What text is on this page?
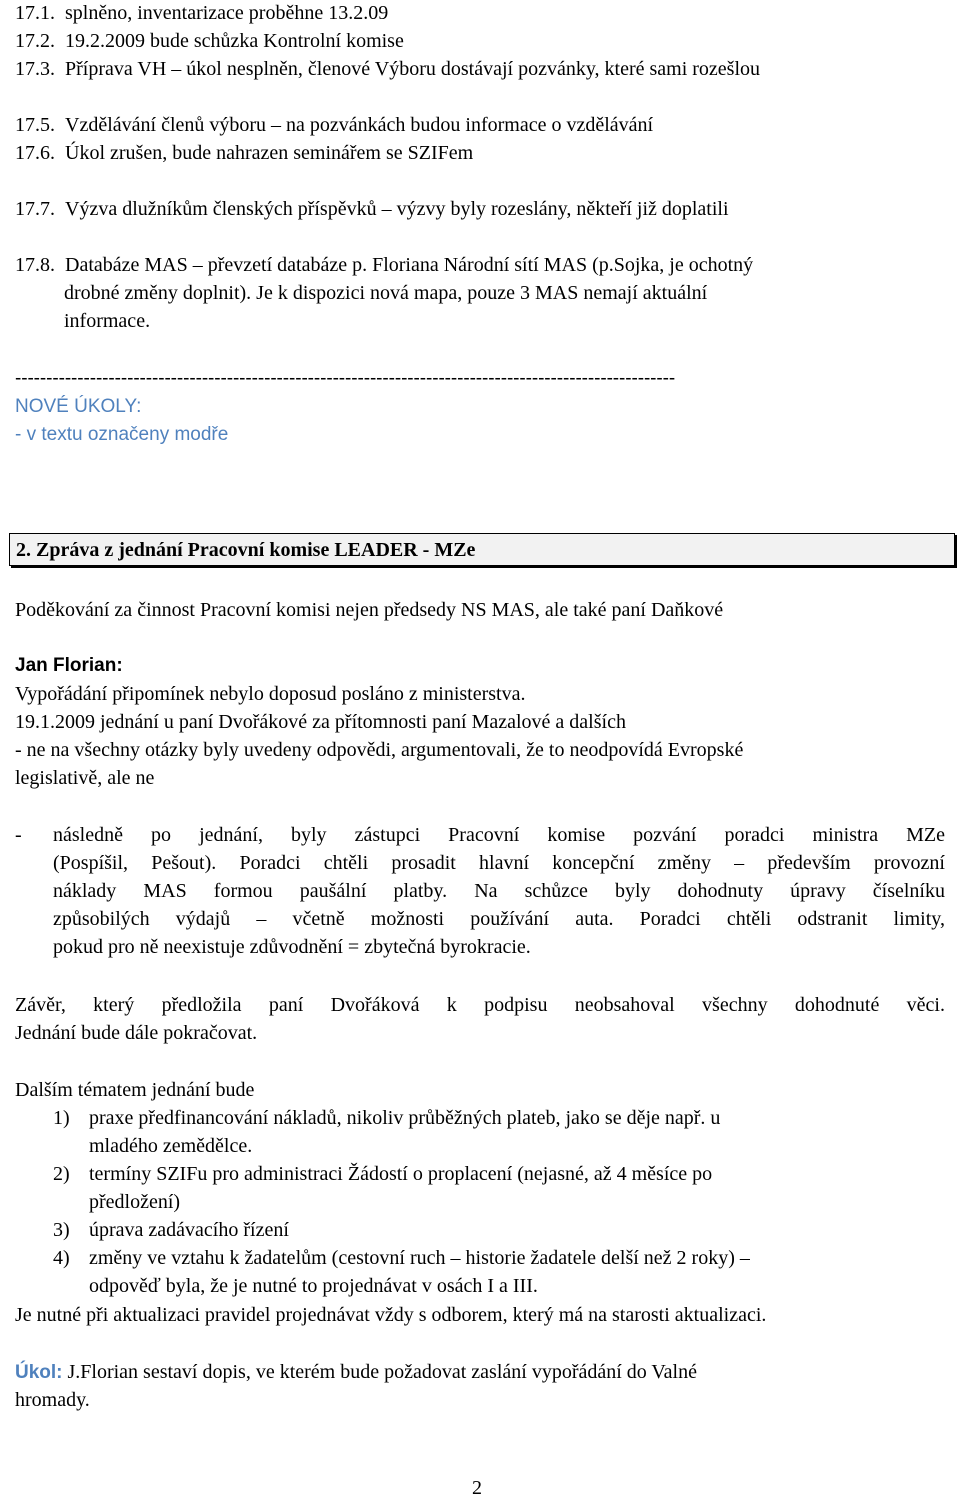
17.1. splněno, inventarizace proběhne 13.2.09
17.2. 19.2.2009 bude schůzka Kontrolní komise
17.3. Příprava VH – úkol nesplněn, členové Výboru dostávají pozvánky, které sami rozešlou
17.5. Vzdělávání členů výboru – na pozvánkách budou informace o vzdělávání
17.6. Úkol zrušen, bude nahrazen seminářem se SZIFem
17.7. Výzva dlužníkům členských příspěvků – výzvy byly rozeslány, někteří již doplatili
17.8. Databáze MAS – převzetí databáze p. Floriana Národní sítí MAS (p.Sojka, je ochotný
drobné změny doplnit). Je k dispozici nová mapa, pouze 3 MAS nemají aktuální
informace.
----------------------------------------------------------------------------------------------------------
NOVÉ ÚKOLY:
- v textu označeny modře
2. Zpráva z jednání Pracovní komise LEADER - MZe
Poděkování za činnost Pracovní komisi nejen předsedy NS MAS, ale také paní Daňkové
Jan Florian:
Vypořádání připomínek nebylo doposud posláno z ministerstva.
19.1.2009 jednání u paní Dvořákové za přítomnosti paní Mazalové a dalších
- ne na všechny otázky byly uvedeny odpovědi, argumentovali, že to neodpovídá Evropské
legislativě, ale ne
- následně po jednání, byly zástupci Pracovní komise pozvání poradci ministra MZe
(Pospíšil, Pešout). Poradci chtěli prosadit hlavní koncepční změny – především provozní
náklady MAS formou paušální platby. Na schůzce byly dohodnuty úpravy číselníku
způsobilých výdajů – včetně možnosti používání auta. Poradci chtěli odstranit limity,
pokud pro ně neexistuje zdůvodnění = zbytečná byrokracie.
Závěr, který předložila paní Dvořáková k podpisu neobsahoval všechny dohodnuté věci.
Jednání bude dále pokračovat.
Dalším tématem jednání bude
1) praxe předfinancování nákladů, nikoliv průběžných plateb, jako se děje např. u
mladého zemědělce.
2) termíny SZIFu pro administraci Žádostí o proplacení (nejasné, až 4 měsíce po
předložení)
3) úprava zadávacího řízení
4) změny ve vztahu k žadatelům (cestovní ruch – historie žadatele delší než 2 roky) –
odpověď byla, že je nutné to projednávat v osách I a III.
Je nutné při aktualizaci pravidel projednávat vždy s odborem, který má na starosti aktualizaci.
Úkol: J.Florian sestaví dopis, ve kterém bude požadovat zaslání vypořádání do Valné
hromady.
2
